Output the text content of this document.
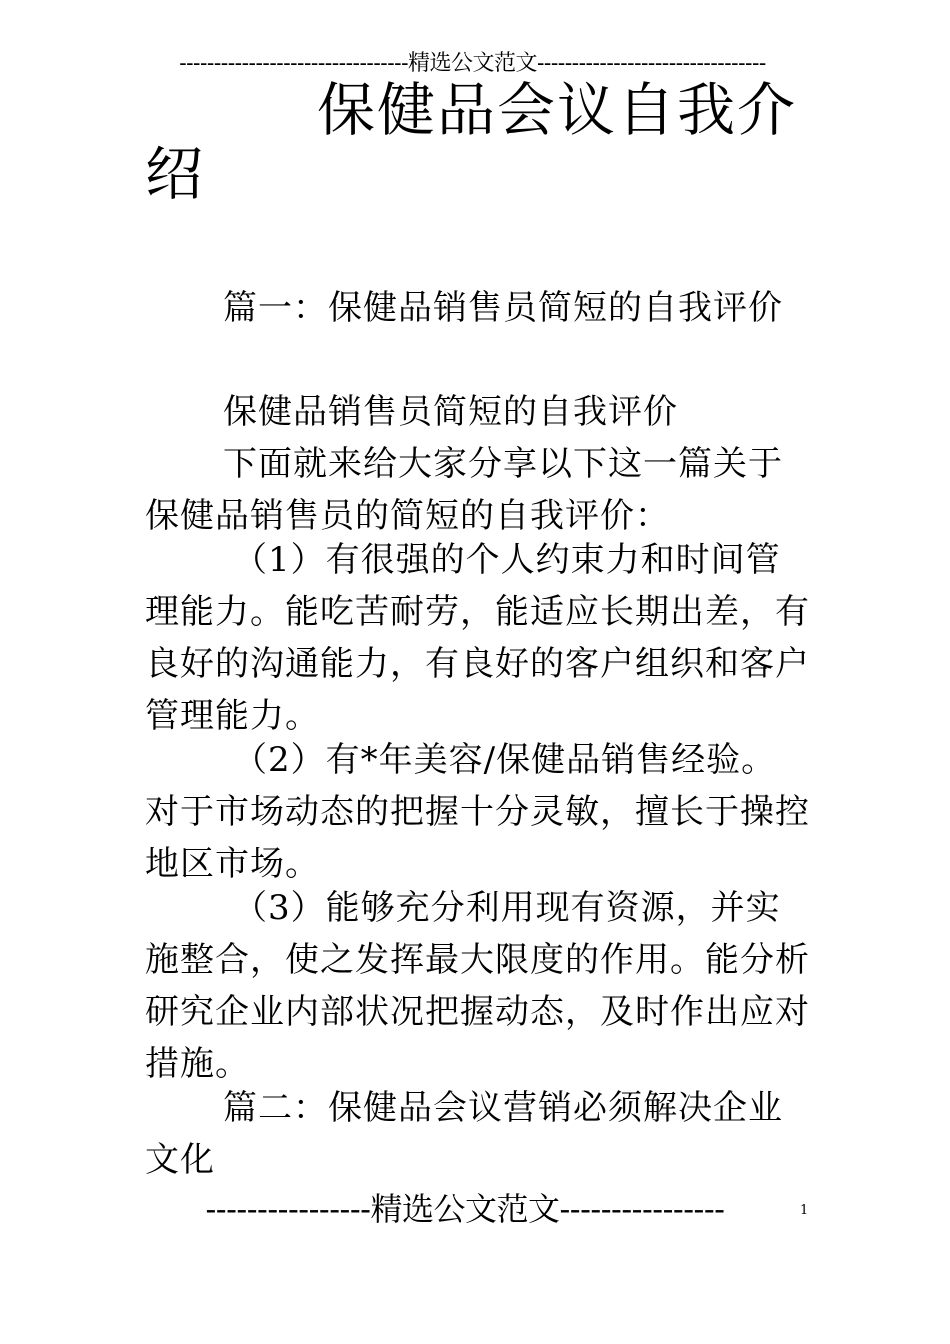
---------------------------------精选公文范文---------------------------------
保健品会议自我介绍
篇一：保健品销售员简短的自我评价
保健品销售员简短的自我评价
下面就来给大家分享以下这一篇关于保健品销售员的简短的自我评价：
（1）有很强的个人约束力和时间管理能力。能吃苦耐劳，能适应长期出差，有良好的沟通能力，有良好的客户组织和客户管理能力。
（2）有*年美容/保健品销售经验。对于市场动态的把握十分灵敏，擅长于操控地区市场。
（3）能够充分利用现有资源，并实施整合，使之发挥最大限度的作用。能分析研究企业内部状况把握动态，及时作出应对措施。
篇二：保健品会议营销必须解决企业文化
----------------精选公文范文----------------	1
